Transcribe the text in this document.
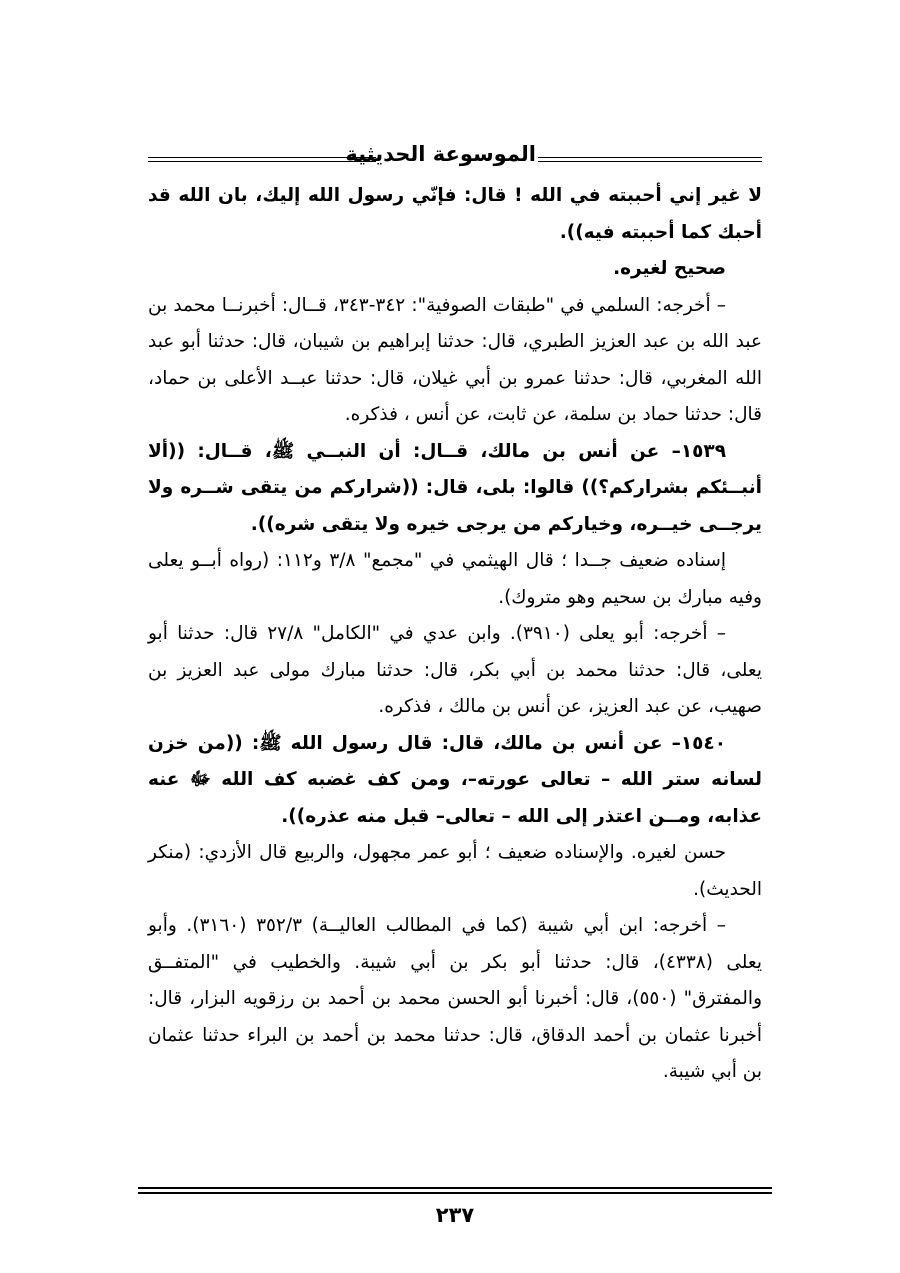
الموسوعة الحديثية

لا غير إني أحببته في الله ! قال: فإنّي رسول الله إليك، بان الله قد أحبك كما أحببته فيه)).

صحيح لغيره.

– أخرجه: السلمي في "طبقات الصوفية": ٣٤٢-٣٤٣، قــال: أخبرنــا محمد بن عبد الله بن عبد العزيز الطبري، قال: حدثنا إبراهيم بن شيبان، قال: حدثنا أبو عبد الله المغربي، قال: حدثنا عمرو بن أبي غيلان، قال: حدثنا عبــد الأعلى بن حماد، قال: حدثنا حماد بن سلمة، عن ثابت، عن أنس ، فذكره.

١٥٣٩– عن أنس بن مالك، قــال: أن النبــي ﷺ، قــال: ((ألا أنبــئكم بشراركم؟)) قالوا: بلى، قال: ((شراركم من يتقى شــره ولا يرجــى خيــره، وخياركم من يرجى خيره ولا يتقى شره)).

إسناده ضعيف جــدا ؛ قال الهيثمي في "مجمع" ٣/٨ و١١٢: (رواه أبــو يعلى وفيه مبارك بن سحيم وهو متروك).

– أخرجه: أبو يعلى (٣٩١٠). وابن عدي في "الكامل" ٢٧/٨ قال: حدثنا أبو يعلى، قال: حدثنا محمد بن أبي بكر، قال: حدثنا مبارك مولى عبد العزيز بن صهيب، عن عبد العزيز، عن أنس بن مالك ، فذكره.

١٥٤٠– عن أنس بن مالك، قال: قال رسول الله ﷺ: ((من خزن لسانه ستر الله – تعالى عورته–، ومن كف غضبه كف الله ﷻ عنه عذابه، ومــن اعتذر إلى الله – تعالى– قبل منه عذره)).

حسن لغيره. والإسناده ضعيف ؛ أبو عمر مجهول، والربيع قال الأزدي: (منكر الحديث).

– أخرجه: ابن أبي شيبة (كما في المطالب العاليــة) ٣٥٢/٣ (٣١٦٠). وأبو يعلى (٤٣٣٨)، قال: حدثنا أبو بكر بن أبي شيبة. والخطيب في "المتفــق والمفترق" (٥٥٠)، قال: أخبرنا أبو الحسن محمد بن أحمد بن رزقويه البزار، قال: أخبرنا عثمان بن أحمد الدقاق، قال: حدثنا محمد بن أحمد بن البراء حدثنا عثمان بن أبي شيبة.

٢٣٧
